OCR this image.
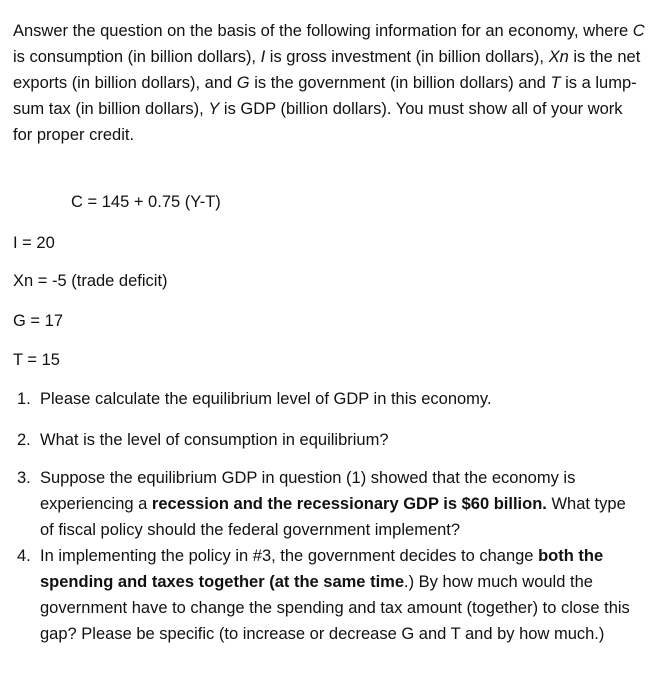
Answer the question on the basis of the following information for an economy, where C is consumption (in billion dollars), I is gross investment (in billion dollars), Xn is the net exports (in billion dollars), and G is the government (in billion dollars) and T is a lump-sum tax (in billion dollars), Y is GDP (billion dollars). You must show all of your work for proper credit.

C = 145 + 0.75 (Y-T)
I = 20
Xn = -5 (trade deficit)
G = 17
T = 15
1. Please calculate the equilibrium level of GDP in this economy.
2. What is the level of consumption in equilibrium?
3. Suppose the equilibrium GDP in question (1) showed that the economy is experiencing a recession and the recessionary GDP is $60 billion. What type of fiscal policy should the federal government implement?
4. In implementing the policy in #3, the government decides to change both the spending and taxes together (at the same time.) By how much would the government have to change the spending and tax amount (together) to close this gap? Please be specific (to increase or decrease G and T and by how much.)
